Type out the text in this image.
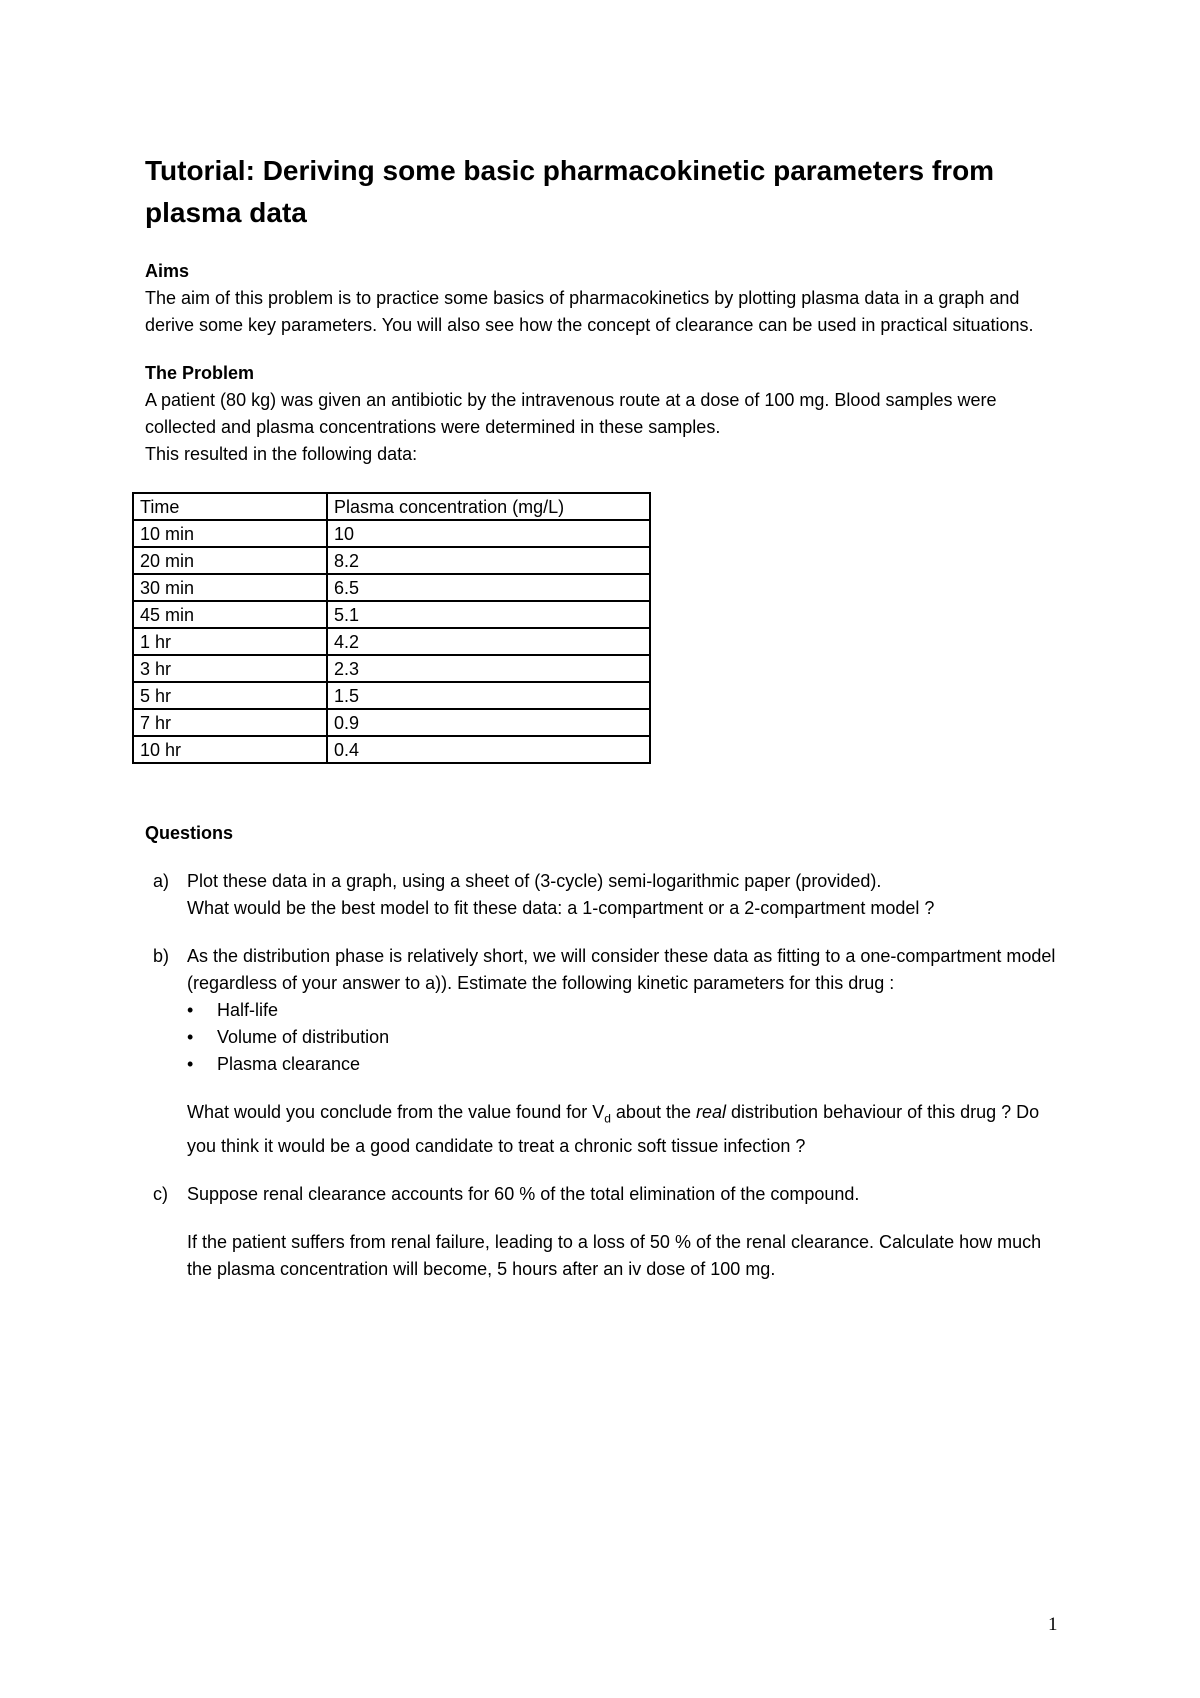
Tutorial: Deriving some basic pharmacokinetic parameters from plasma data
Aims

The aim of this problem is to practice some basics of pharmacokinetics by plotting plasma data in a graph and derive some key parameters. You will also see how the concept of clearance can be used in practical situations.

The Problem

A patient (80 kg) was given an antibiotic by the intravenous route at a dose of 100 mg. Blood samples were collected and plasma concentrations were determined in these samples.

This resulted in the following data:

Time	Plasma concentration (mg/L)
10 min	10
20 min	8.2
30 min	6.5
45 min	5.1
1 hr	4.2
3 hr	2.3
5 hr	1.5
7 hr	0.9
10 hr	0.4
Questions
a) Plot these data in a graph, using a sheet of (3-cycle) semi-logarithmic paper (provided).

What would be the best model to fit these data: a 1-compartment or a 2-compartment model ?

b) As the distribution phase is relatively short, we will consider these data as fitting to a one-compartment model (regardless of your answer to a)). Estimate the following kinetic parameters for this drug :

• Half-life
• Volume of distribution
• Plasma clearance

What would you conclude from the value found for $V_d$ about the real distribution behaviour of this drug ? Do you think it would be a good candidate to treat a chronic soft tissue infection ?

c) Suppose renal clearance accounts for 60 % of the total elimination of the compound.

If the patient suffers from renal failure, leading to a loss of 50 % of the renal clearance. Calculate how much the plasma concentration will become, 5 hours after an iv dose of 100 mg.

1
